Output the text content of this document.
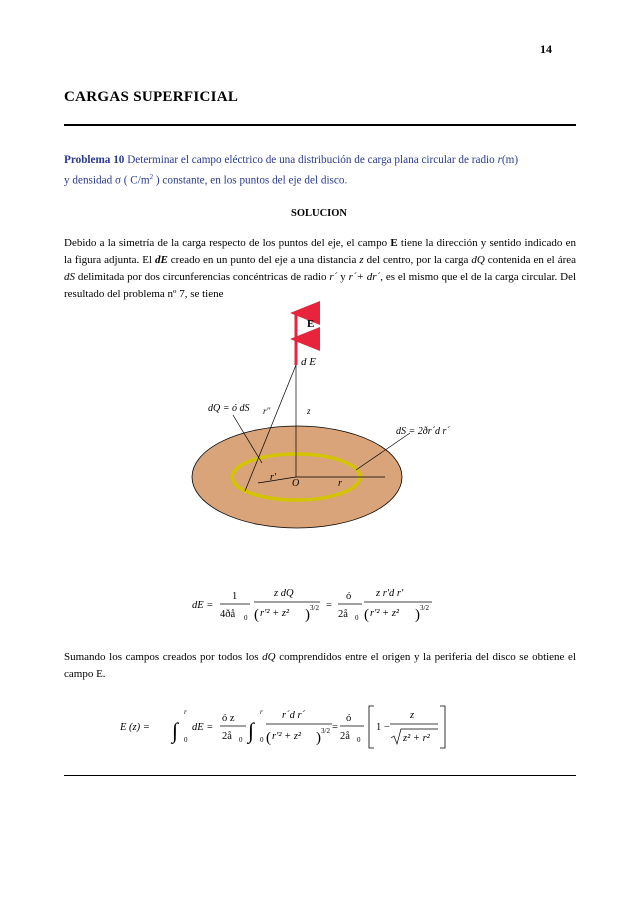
14
CARGAS SUPERFICIAL
Problema 10 Determinar el campo eléctrico de una distribución de carga plana circular de radio r(m)
y densidad σ ( $C/m^2$ ) constante, en los puntos del eje del disco.
SOLUCION
Debido a la simetría de la carga respecto de los puntos del eje, el campo E tiene la dirección y sentido indicado en la figura adjunta. El dE creado en un punto del eje a una distancia z del centro, por la carga dQ contenida en el área dS delimitada por dos circunferencias concéntricas de radio r´ y r´+ dr´, es el mismo que el de la carga circular. Del resultado del problema nº 7, se tiene
E
d E
dQ = ó dS r''	z
dS = 2ðr´d r´
r'
O	r
dE =
1
4ðå 0
z dQ
( r'² + z² ) 3/2 =
ó
2å 0
z r'd r'
( r'² + z² ) 3/2
Sumando los campos creados por todos los dQ comprendidos entre el origen y la periferia del disco se obtiene el campo E.
E (z) = ∫
r
0
dE =
ó z
2å 0 ∫
r
0
r´d r´
( r'² + z² ) 3/2 =
ó
2å 0
1 −
z
z² + r²
